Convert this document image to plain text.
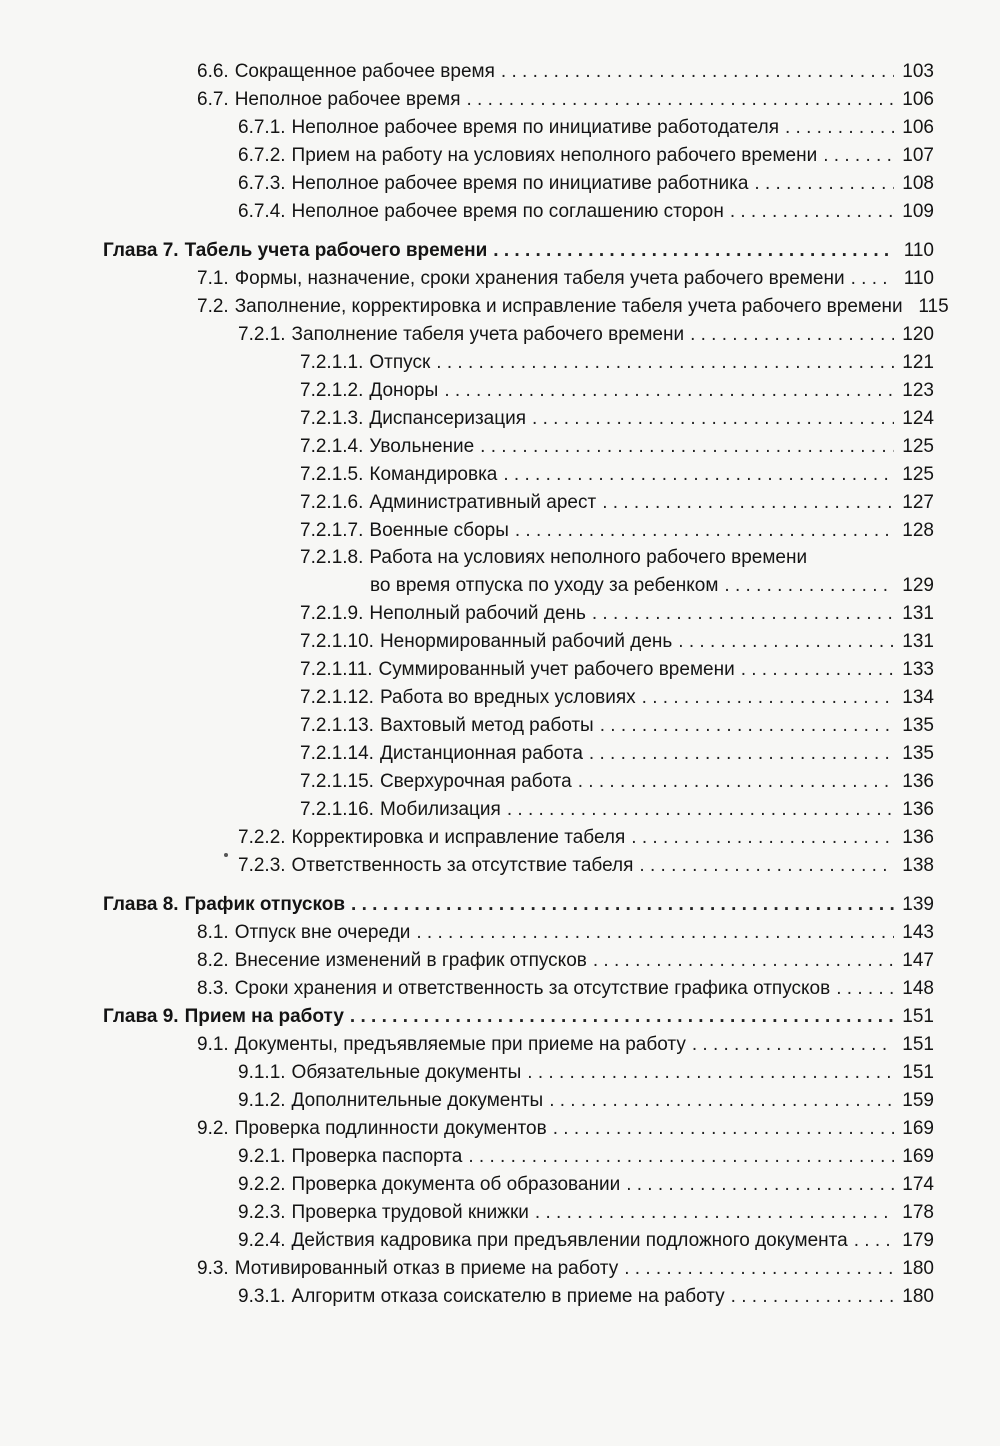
6.6. Сокращенное рабочее время . . .	103
6.7. Неполное рабочее время . . .	106
6.7.1. Неполное рабочее время по инициативе работодателя . . .	106
6.7.2. Прием на работу на условиях неполного рабочего времени . . .	107
6.7.3. Неполное рабочее время по инициативе работника . . .	108
6.7.4. Неполное рабочее время по соглашению сторон . . .	109
Глава 7. Табель учета рабочего времени . . .	110
7.1. Формы, назначение, сроки хранения табеля учета рабочего времени . . .	110
7.2. Заполнение, корректировка и исправление табеля учета рабочего времени 115
7.2.1. Заполнение табеля учета рабочего времени . . .	120
7.2.1.1. Отпуск . . .	121
7.2.1.2. Доноры . . .	123
7.2.1.3. Диспансеризация . . .	124
7.2.1.4. Увольнение . . .	125
7.2.1.5. Командировка . . .	125
7.2.1.6. Административный арест . . .	127
7.2.1.7. Военные сборы . . .	128
7.2.1.8. Работа на условиях неполного рабочего времени
во время отпуска по уходу за ребенком . . .	129
7.2.1.9. Неполный рабочий день . . .	131
7.2.1.10. Ненормированный рабочий день . . .	131
7.2.1.11. Суммированный учет рабочего времени . . .	133
7.2.1.12. Работа во вредных условиях . . .	134
7.2.1.13. Вахтовый метод работы . . .	135
7.2.1.14. Дистанционная работа . . .	135
7.2.1.15. Сверхурочная работа . . .	136
7.2.1.16. Мобилизация . . .	136
7.2.2. Корректировка и исправление табеля . . .	136
7.2.3. Ответственность за отсутствие табеля . . .	138
Глава 8. График отпусков . . .	139
8.1. Отпуск вне очереди . . .	143
8.2. Внесение изменений в график отпусков . . .	147
8.3. Сроки хранения и ответственность за отсутствие графика отпусков . . .	148
Глава 9. Прием на работу . . .	151
9.1. Документы, предъявляемые при приеме на работу . . .	151
9.1.1. Обязательные документы . . .	151
9.1.2. Дополнительные документы . . .	159
9.2. Проверка подлинности документов . . .	169
9.2.1. Проверка паспорта . . .	169
9.2.2. Проверка документа об образовании . . .	174
9.2.3. Проверка трудовой книжки . . .	178
9.2.4. Действия кадровика при предъявлении подложного документа . . .	179
9.3. Мотивированный отказ в приеме на работу . . .	180
9.3.1. Алгоритм отказа соискателю в приеме на работу . . .	180
